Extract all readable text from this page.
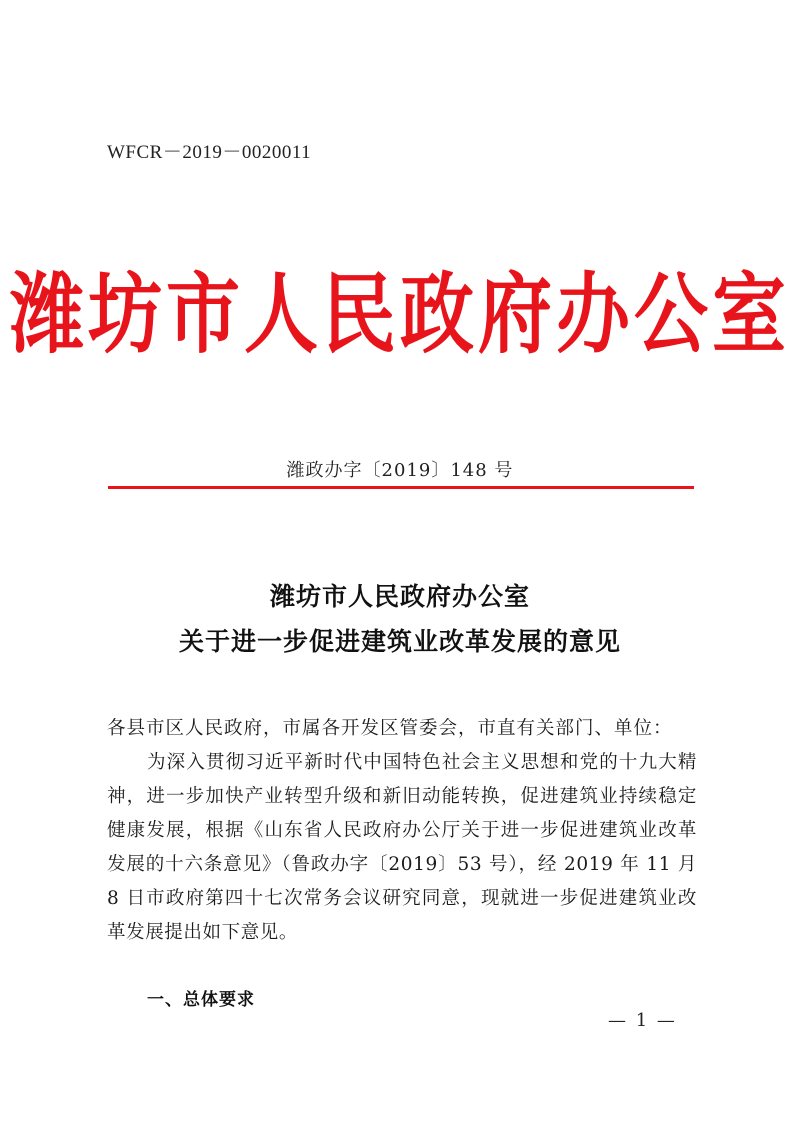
WFCR－2019－0020011
潍坊市人民政府办公室
潍政办字〔2019〕148 号
潍坊市人民政府办公室
关于进一步促进建筑业改革发展的意见
各县市区人民政府，市属各开发区管委会，市直有关部门、单位：
为深入贯彻习近平新时代中国特色社会主义思想和党的十九大精神，进一步加快产业转型升级和新旧动能转换，促进建筑业持续稳定健康发展，根据《山东省人民政府办公厅关于进一步促进建筑业改革发展的十六条意见》（鲁政办字〔2019〕53 号），经 2019 年 11 月 8 日市政府第四十七次常务会议研究同意，现就进一步促进建筑业改革发展提出如下意见。
一、总体要求
— 1 —
